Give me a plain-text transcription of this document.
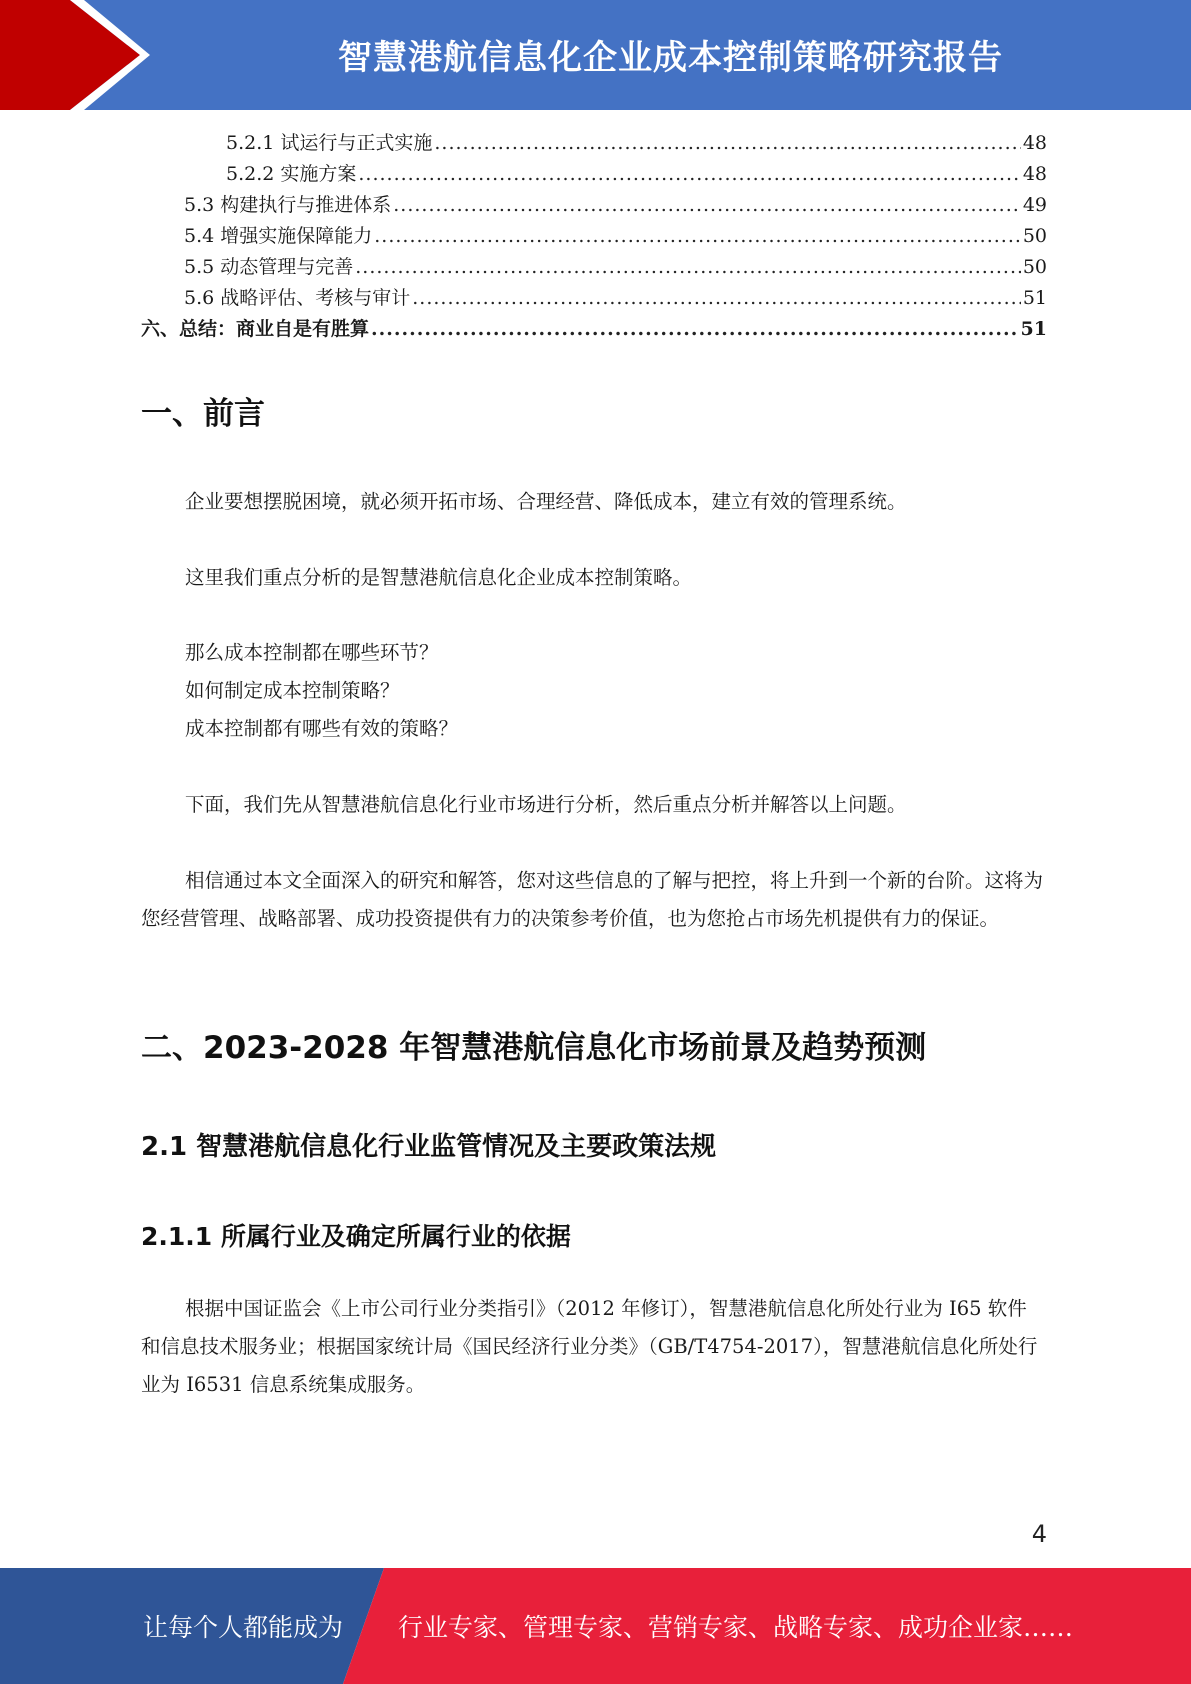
智慧港航信息化企业成本控制策略研究报告
5.2.1 试运行与正式实施 .....	48
5.2.2 实施方案 .....	48
5.3 构建执行与推进体系 .....	49
5.4 增强实施保障能力 .....	50
5.5 动态管理与完善 .....	50
5.6 战略评估、考核与审计 .....	51
六、总结：商业自是有胜算 .....	51
一、前言

企业要想摆脱困境，就必须开拓市场、合理经营、降低成本，建立有效的管理系统。

这里我们重点分析的是智慧港航信息化企业成本控制策略。

那么成本控制都在哪些环节？
如何制定成本控制策略？
成本控制都有哪些有效的策略？

下面，我们先从智慧港航信息化行业市场进行分析，然后重点分析并解答以上问题。

相信通过本文全面深入的研究和解答，您对这些信息的了解与把控，将上升到一个新的台阶。这将为您经营管理、战略部署、成功投资提供有力的决策参考价值，也为您抢占市场先机提供有力的保证。

二、2023-2028 年智慧港航信息化市场前景及趋势预测
2.1 智慧港航信息化行业监管情况及主要政策法规
2.1.1 所属行业及确定所属行业的依据

根据中国证监会《上市公司行业分类指引》（2012 年修订），智慧港航信息化所处行业为 I65 软件和信息技术服务业；根据国家统计局《国民经济行业分类》（GB/T4754-2017），智慧港航信息化所处行业为 I6531 信息系统集成服务。

4
让每个人都能成为 行业专家、管理专家、营销专家、战略专家、成功企业家……
